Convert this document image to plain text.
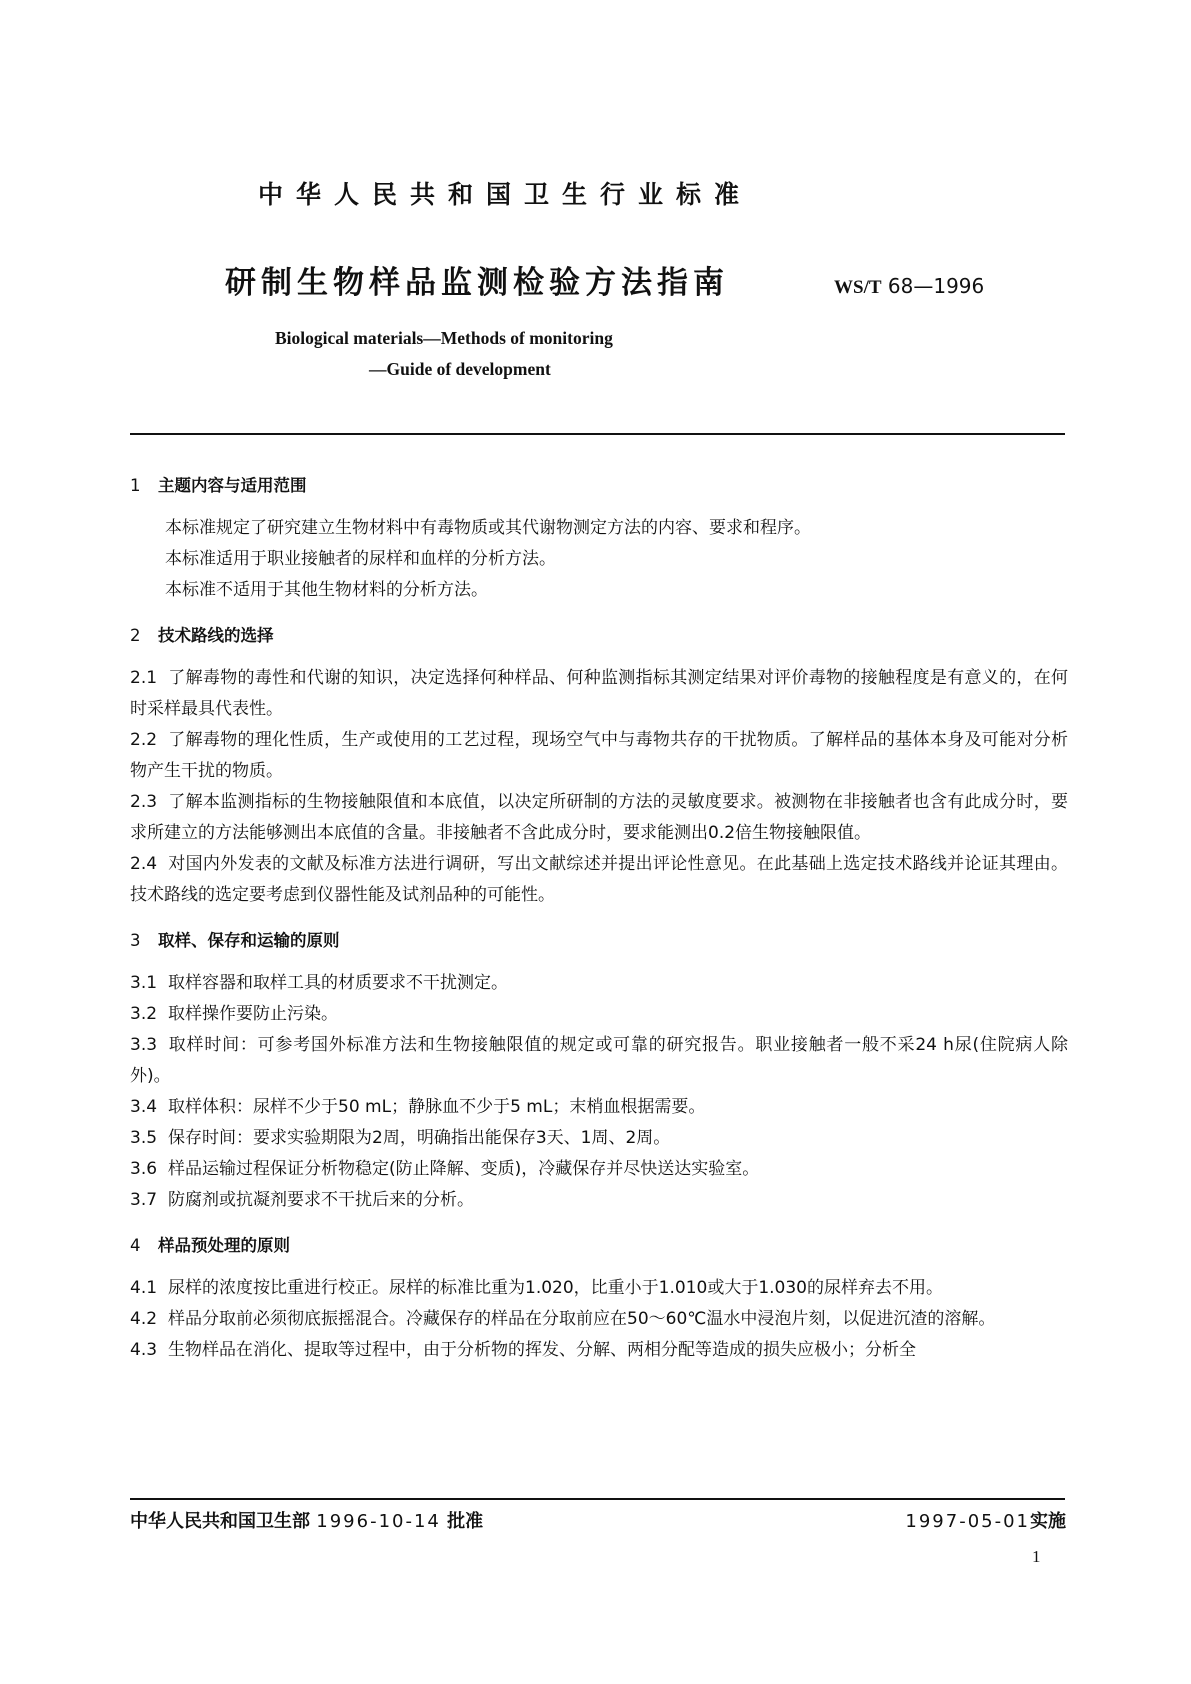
中华人民共和国卫生行业标准
研制生物样品监测检验方法指南	WS/T 68—1996
Biological materials—Methods of monitoring
—Guide of development

1 主题内容与适用范围

本标准规定了研究建立生物材料中有毒物质或其代谢物测定方法的内容、要求和程序。

本标准适用于职业接触者的尿样和血样的分析方法。

本标准不适用于其他生物材料的分析方法。

2 技术路线的选择

2.1 了解毒物的毒性和代谢的知识，决定选择何种样品、何种监测指标其测定结果对评价毒物的接触程度是有意义的，在何时采样最具代表性。

2.2 了解毒物的理化性质，生产或使用的工艺过程，现场空气中与毒物共存的干扰物质。了解样品的基体本身及可能对分析物产生干扰的物质。

2.3 了解本监测指标的生物接触限值和本底值，以决定所研制的方法的灵敏度要求。被测物在非接触者也含有此成分时，要求所建立的方法能够测出本底值的含量。非接触者不含此成分时，要求能测出0.2倍生物接触限值。

2.4 对国内外发表的文献及标准方法进行调研，写出文献综述并提出评论性意见。在此基础上选定技术路线并论证其理由。技术路线的选定要考虑到仪器性能及试剂品种的可能性。

3 取样、保存和运输的原则

3.1 取样容器和取样工具的材质要求不干扰测定。

3.2 取样操作要防止污染。

3.3 取样时间：可参考国外标准方法和生物接触限值的规定或可靠的研究报告。职业接触者一般不采24 h尿(住院病人除外)。

3.4 取样体积：尿样不少于50 mL；静脉血不少于5 mL；末梢血根据需要。

3.5 保存时间：要求实验期限为2周，明确指出能保存3天、1周、2周。

3.6 样品运输过程保证分析物稳定(防止降解、变质)，冷藏保存并尽快送达实验室。

3.7 防腐剂或抗凝剂要求不干扰后来的分析。

4 样品预处理的原则

4.1 尿样的浓度按比重进行校正。尿样的标准比重为1.020，比重小于1.010或大于1.030的尿样弃去不用。

4.2 样品分取前必须彻底振摇混合。冷藏保存的样品在分取前应在50～60℃温水中浸泡片刻，以促进沉渣的溶解。

4.3 生物样品在消化、提取等过程中，由于分析物的挥发、分解、两相分配等造成的损失应极小；分析全

中华人民共和国卫生部 1996-10-14 批准	1997-05-01实施
1
